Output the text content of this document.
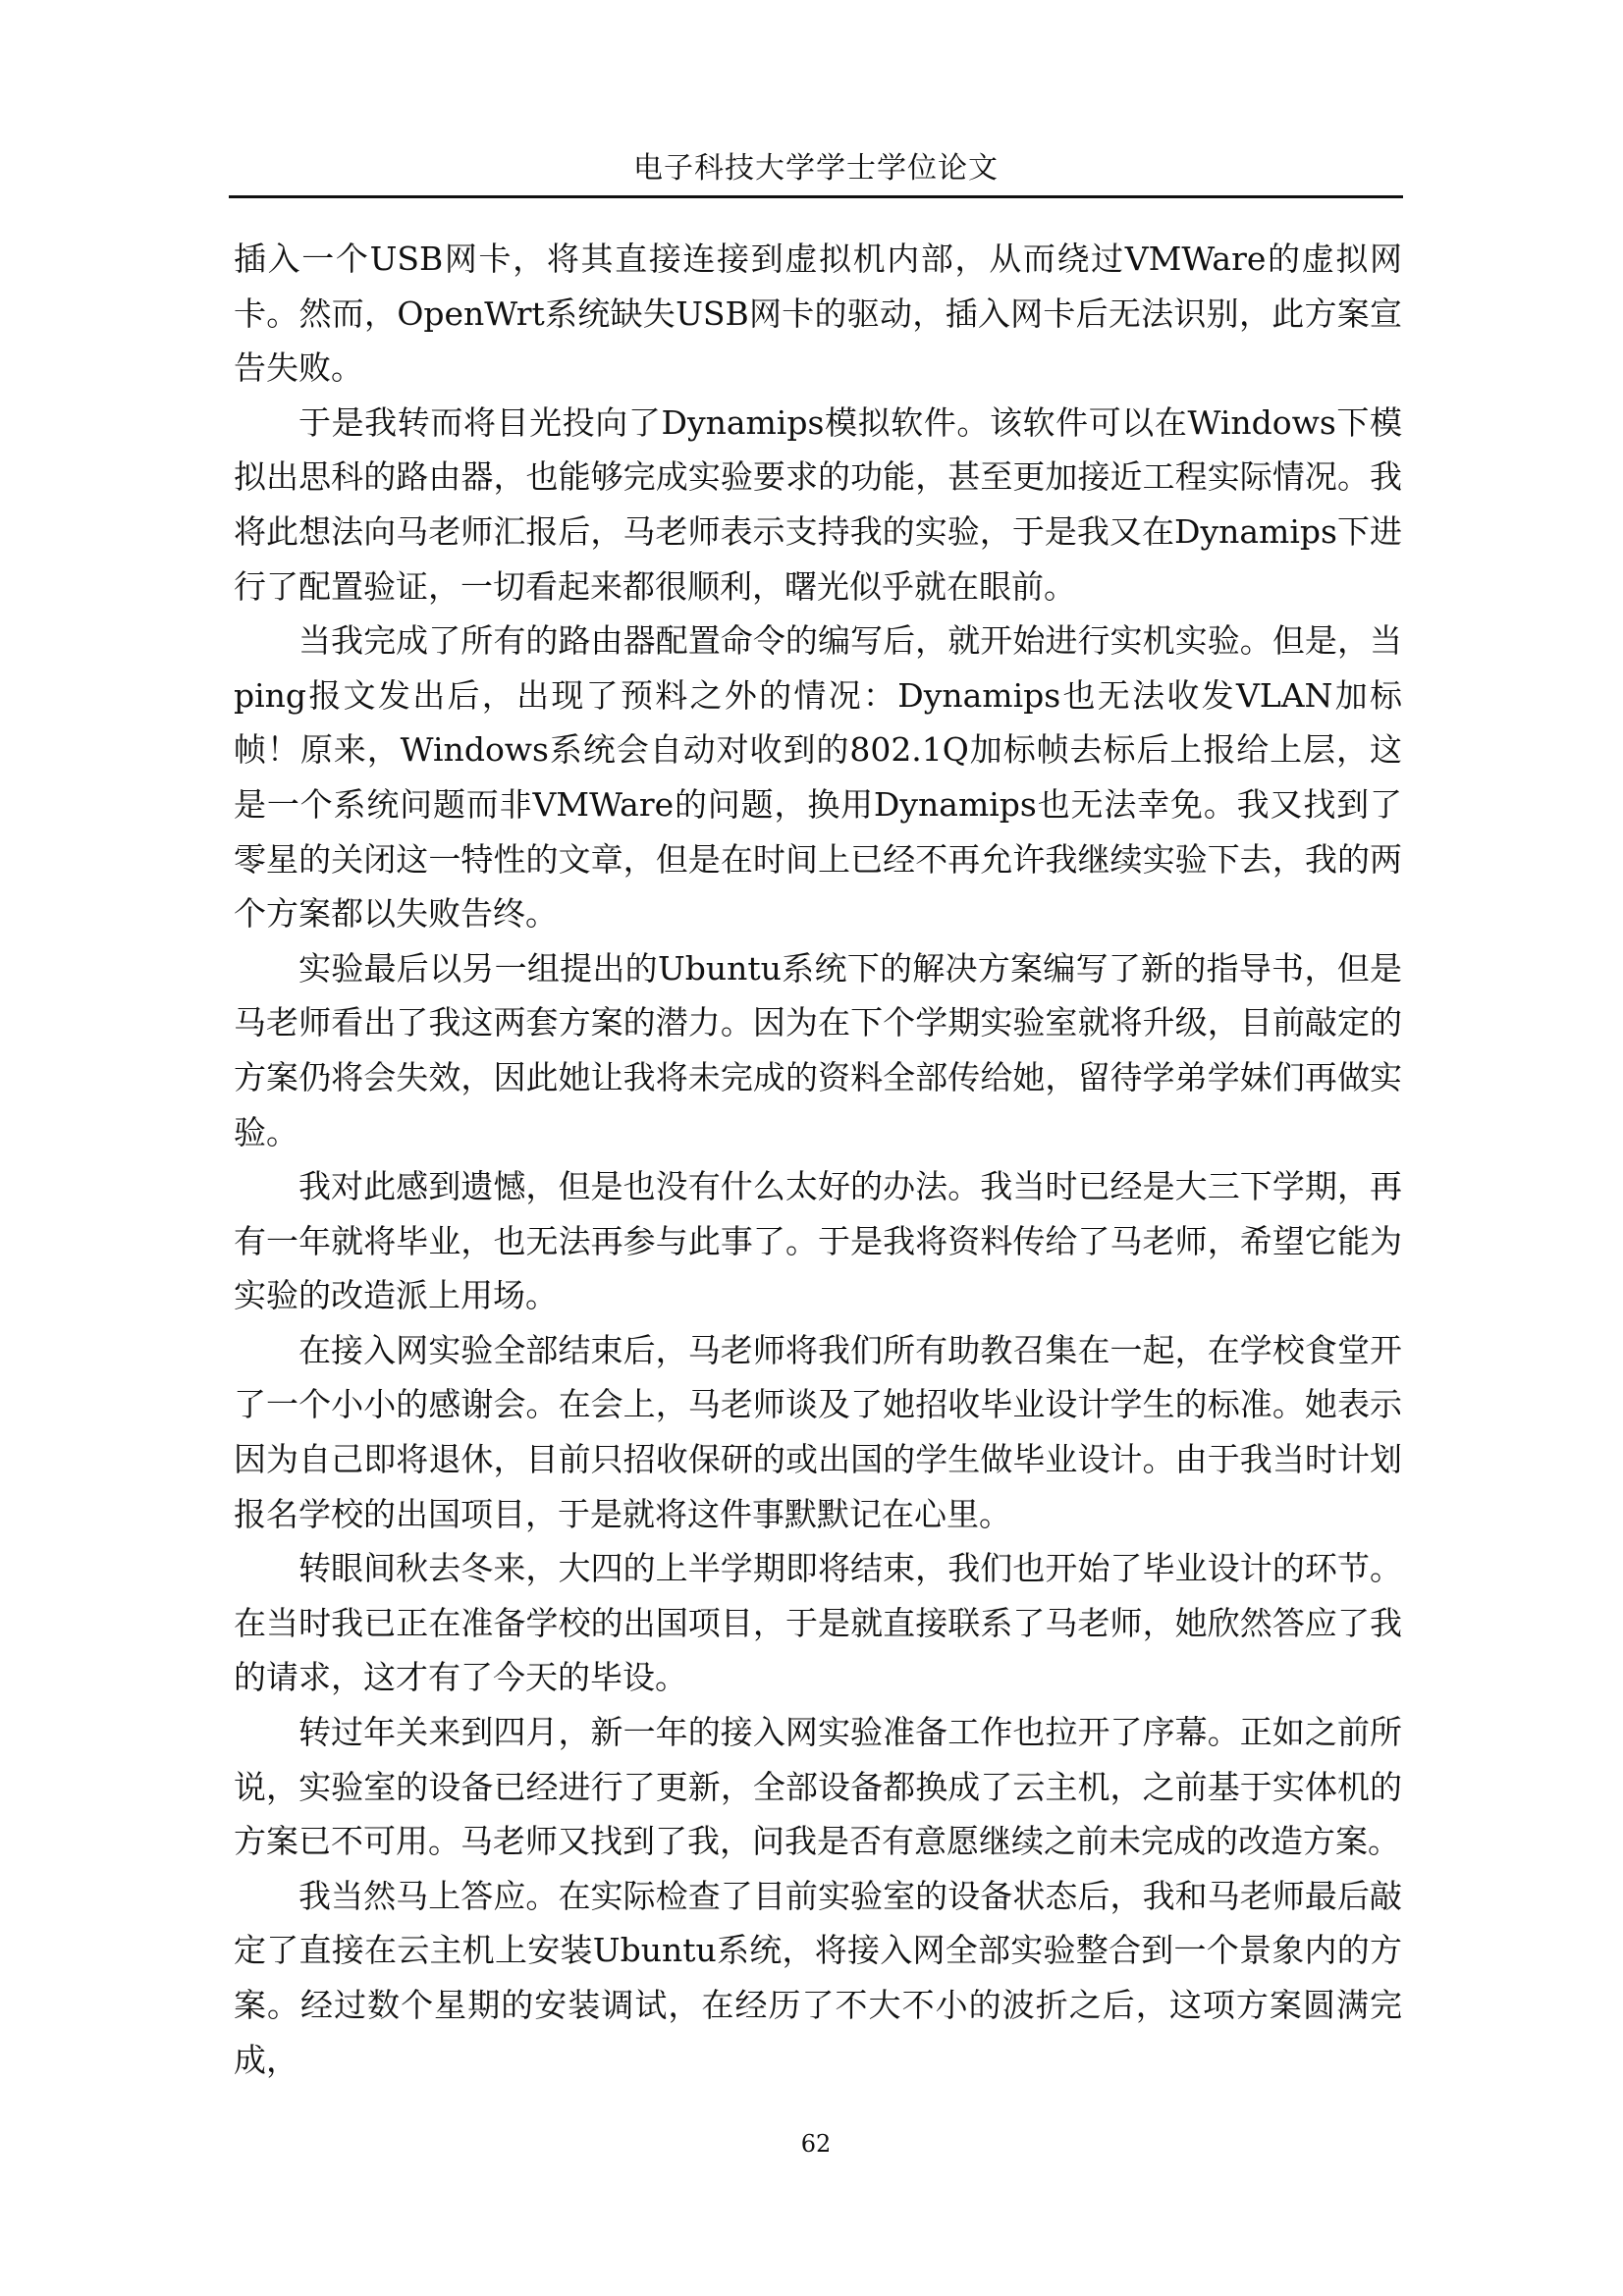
电子科技大学学士学位论文

插入一个USB网卡，将其直接连接到虚拟机内部，从而绕过VMWare的虚拟网卡。然而，OpenWrt系统缺失USB网卡的驱动，插入网卡后无法识别，此方案宣告失败。

于是我转而将目光投向了Dynamips模拟软件。该软件可以在Windows下模拟出思科的路由器，也能够完成实验要求的功能，甚至更加接近工程实际情况。我将此想法向马老师汇报后，马老师表示支持我的实验，于是我又在Dynamips下进行了配置验证，一切看起来都很顺利，曙光似乎就在眼前。

当我完成了所有的路由器配置命令的编写后，就开始进行实机实验。但是，当ping报文发出后，出现了预料之外的情况：Dynamips也无法收发VLAN加标帧！原来，Windows系统会自动对收到的802.1Q加标帧去标后上报给上层，这是一个系统问题而非VMWare的问题，换用Dynamips也无法幸免。我又找到了零星的关闭这一特性的文章，但是在时间上已经不再允许我继续实验下去，我的两个方案都以失败告终。

实验最后以另一组提出的Ubuntu系统下的解决方案编写了新的指导书，但是马老师看出了我这两套方案的潜力。因为在下个学期实验室就将升级，目前敲定的方案仍将会失效，因此她让我将未完成的资料全部传给她，留待学弟学妹们再做实验。

我对此感到遗憾，但是也没有什么太好的办法。我当时已经是大三下学期，再有一年就将毕业，也无法再参与此事了。于是我将资料传给了马老师，希望它能为实验的改造派上用场。

在接入网实验全部结束后，马老师将我们所有助教召集在一起，在学校食堂开了一个小小的感谢会。在会上，马老师谈及了她招收毕业设计学生的标准。她表示因为自己即将退休，目前只招收保研的或出国的学生做毕业设计。由于我当时计划报名学校的出国项目，于是就将这件事默默记在心里。

转眼间秋去冬来，大四的上半学期即将结束，我们也开始了毕业设计的环节。在当时我已正在准备学校的出国项目，于是就直接联系了马老师，她欣然答应了我的请求，这才有了今天的毕设。

转过年关来到四月，新一年的接入网实验准备工作也拉开了序幕。正如之前所说，实验室的设备已经进行了更新，全部设备都换成了云主机，之前基于实体机的方案已不可用。马老师又找到了我，问我是否有意愿继续之前未完成的改造方案。

我当然马上答应。在实际检查了目前实验室的设备状态后，我和马老师最后敲定了直接在云主机上安装Ubuntu系统，将接入网全部实验整合到一个景象内的方案。经过数个星期的安装调试，在经历了不大不小的波折之后，这项方案圆满完成，

62
